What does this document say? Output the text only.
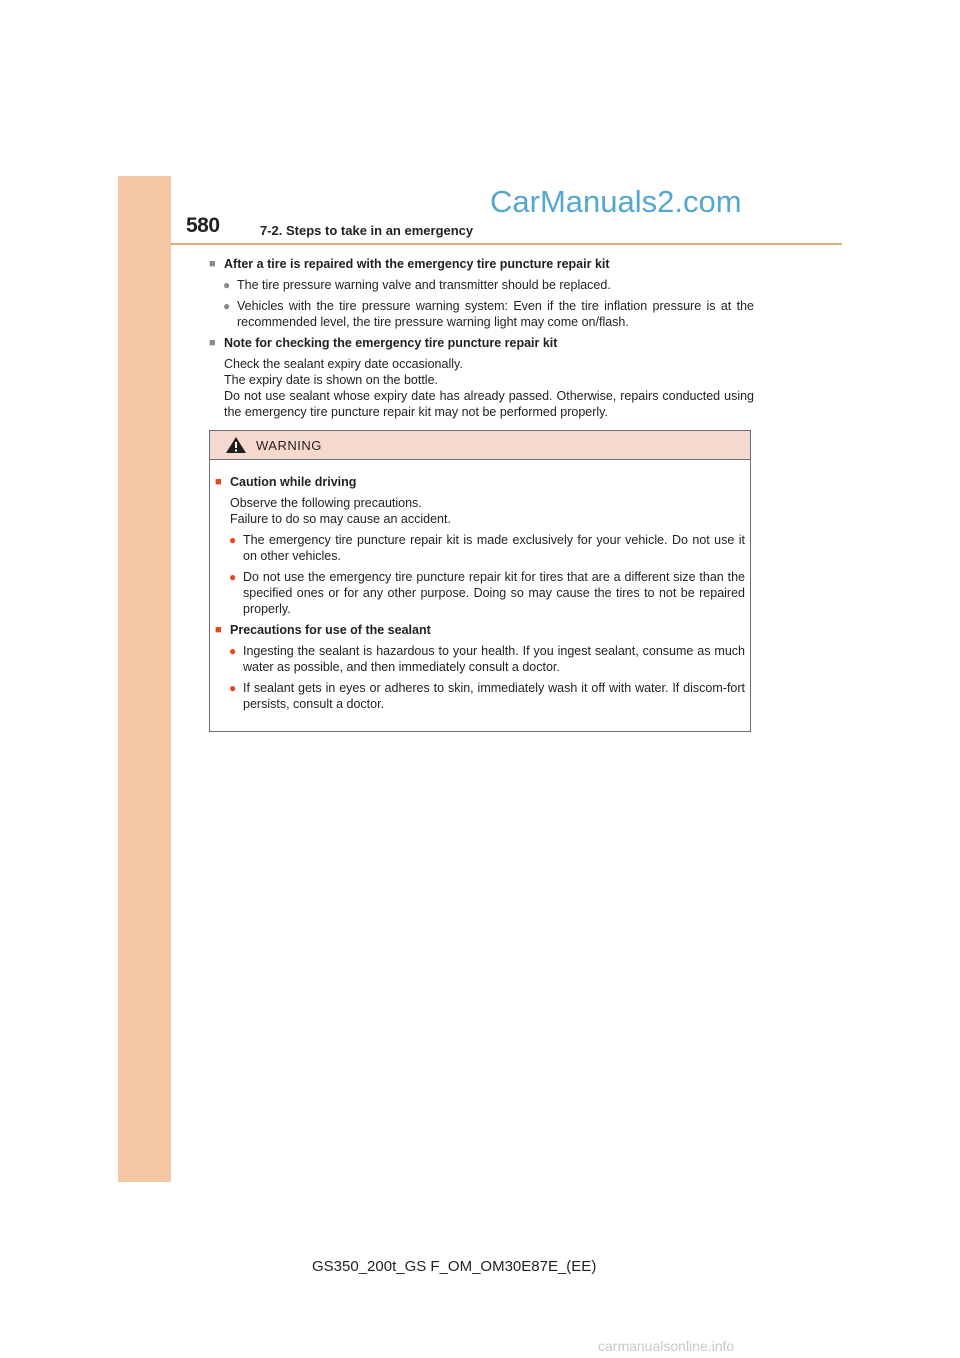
580	7-2. Steps to take in an emergency
CarManuals2.com
■ After a tire is repaired with the emergency tire puncture repair kit
● The tire pressure warning valve and transmitter should be replaced.
● Vehicles with the tire pressure warning system: Even if the tire inflation pressure is at the recommended level, the tire pressure warning light may come on/flash.
■ Note for checking the emergency tire puncture repair kit
Check the sealant expiry date occasionally.
The expiry date is shown on the bottle.
Do not use sealant whose expiry date has already passed. Otherwise, repairs conducted using the emergency tire puncture repair kit may not be performed properly.
WARNING
■ Caution while driving
Observe the following precautions.
Failure to do so may cause an accident.
● The emergency tire puncture repair kit is made exclusively for your vehicle. Do not use it on other vehicles.
● Do not use the emergency tire puncture repair kit for tires that are a different size than the specified ones or for any other purpose. Doing so may cause the tires to not be repaired properly.
■ Precautions for use of the sealant
● Ingesting the sealant is hazardous to your health. If you ingest sealant, consume as much water as possible, and then immediately consult a doctor.
● If sealant gets in eyes or adheres to skin, immediately wash it off with water. If discom-fort persists, consult a doctor.
GS350_200t_GS F_OM_OM30E87E_(EE)
carmanualsonline.info
